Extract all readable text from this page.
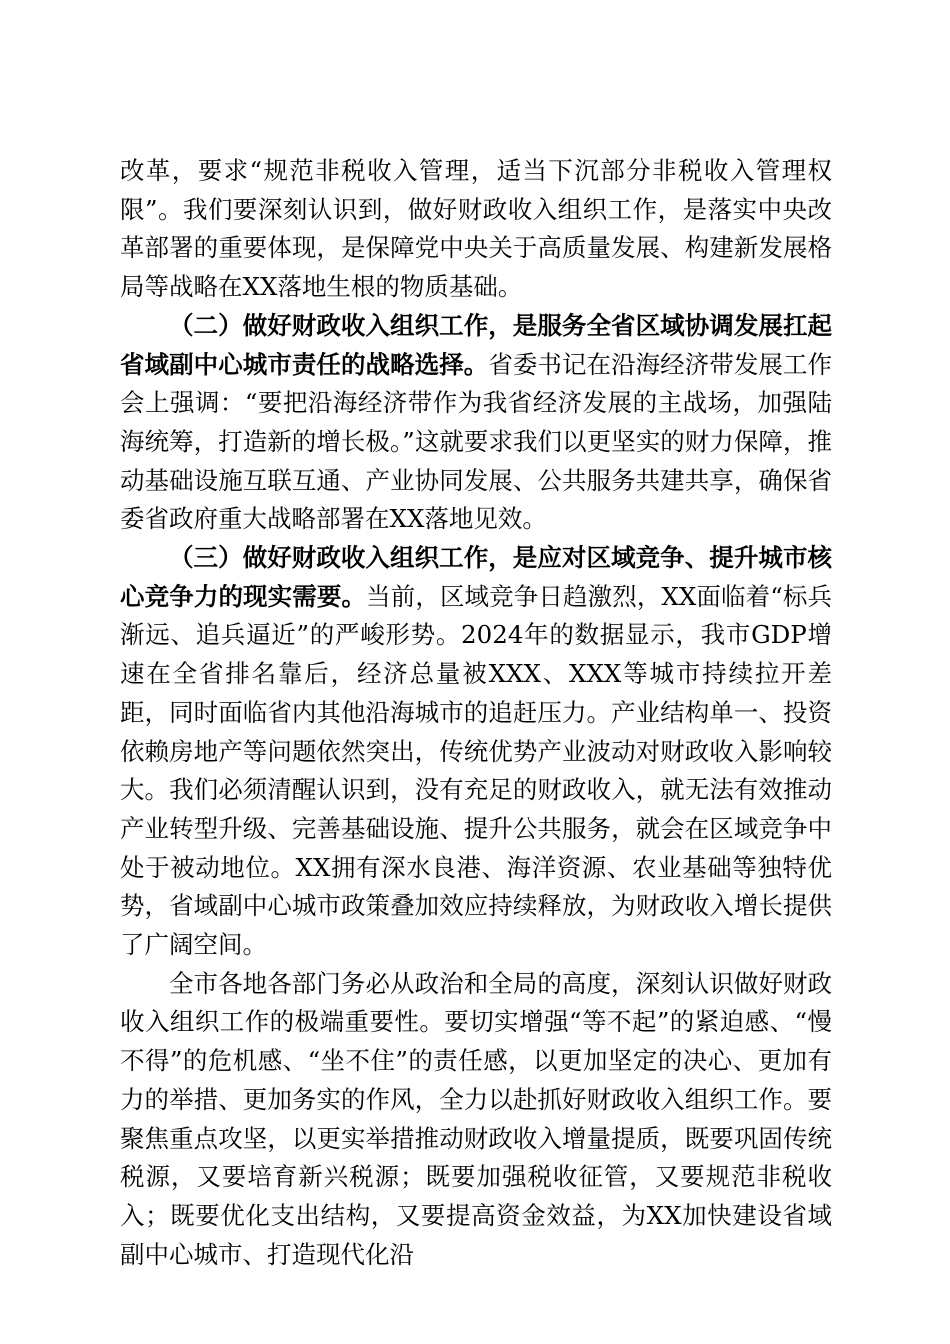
改革，要求“规范非税收入管理，适当下沉部分非税收入管理权限”。我们要深刻认识到，做好财政收入组织工作，是落实中央改革部署的重要体现，是保障党中央关于高质量发展、构建新发展格局等战略在XX落地生根的物质基础。

（二）做好财政收入组织工作，是服务全省区域协调发展扛起省域副中心城市责任的战略选择。省委书记在沿海经济带发展工作会上强调：“要把沿海经济带作为我省经济发展的主战场，加强陆海统筹，打造新的增长极。”这就要求我们以更坚实的财力保障，推动基础设施互联互通、产业协同发展、公共服务共建共享，确保省委省政府重大战略部署在XX落地见效。

（三）做好财政收入组织工作，是应对区域竞争、提升城市核心竞争力的现实需要。当前，区域竞争日趋激烈，XX面临着“标兵渐远、追兵逼近”的严峻形势。2024年的数据显示，我市GDP增速在全省排名靠后，经济总量被XXX、XXX等城市持续拉开差距，同时面临省内其他沿海城市的追赶压力。产业结构单一、投资依赖房地产等问题依然突出，传统优势产业波动对财政收入影响较大。我们必须清醒认识到，没有充足的财政收入，就无法有效推动产业转型升级、完善基础设施、提升公共服务，就会在区域竞争中处于被动地位。XX拥有深水良港、海洋资源、农业基础等独特优势，省域副中心城市政策叠加效应持续释放，为财政收入增长提供了广阔空间。

全市各地各部门务必从政治和全局的高度，深刻认识做好财政收入组织工作的极端重要性。要切实增强“等不起”的紧迫感、“慢不得”的危机感、“坐不住”的责任感，以更加坚定的决心、更加有力的举措、更加务实的作风，全力以赴抓好财政收入组织工作。要聚焦重点攻坚，以更实举措推动财政收入增量提质，既要巩固传统税源，又要培育新兴税源；既要加强税收征管，又要规范非税收入；既要优化支出结构，又要提高资金效益，为XX加快建设省域副中心城市、打造现代化沿
